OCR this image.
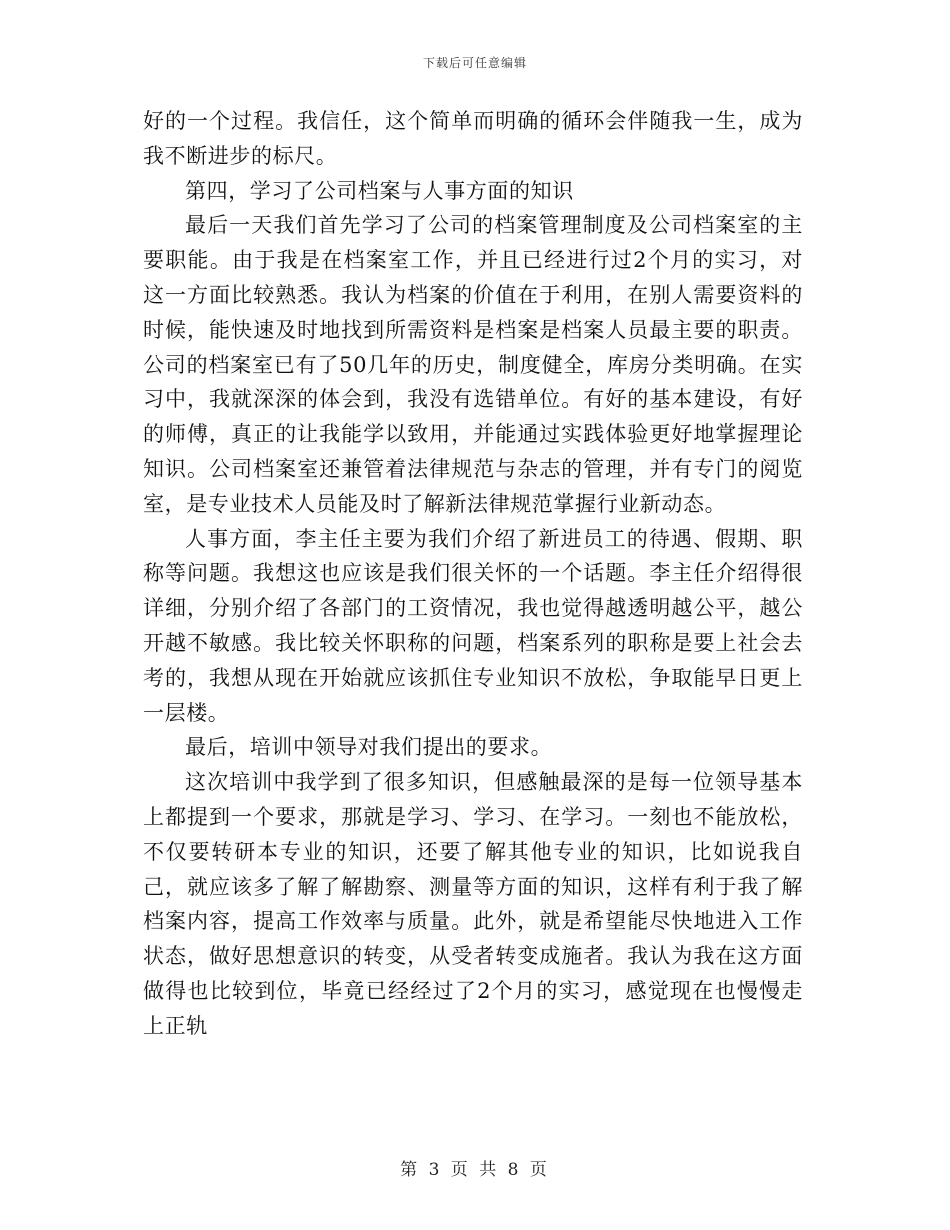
下载后可任意编辑

好的一个过程。我信任，这个简单而明确的循环会伴随我一生，成为我不断进步的标尺。

第四，学习了公司档案与人事方面的知识

最后一天我们首先学习了公司的档案管理制度及公司档案室的主要职能。由于我是在档案室工作，并且已经进行过2个月的实习，对这一方面比较熟悉。我认为档案的价值在于利用，在别人需要资料的时候，能快速及时地找到所需资料是档案是档案人员最主要的职责。公司的档案室已有了50几年的历史，制度健全，库房分类明确。在实习中，我就深深的体会到，我没有选错单位。有好的基本建设，有好的师傅，真正的让我能学以致用，并能通过实践体验更好地掌握理论知识。公司档案室还兼管着法律规范与杂志的管理，并有专门的阅览室，是专业技术人员能及时了解新法律规范掌握行业新动态。

人事方面，李主任主要为我们介绍了新进员工的待遇、假期、职称等问题。我想这也应该是我们很关怀的一个话题。李主任介绍得很详细，分别介绍了各部门的工资情况，我也觉得越透明越公平，越公开越不敏感。我比较关怀职称的问题，档案系列的职称是要上社会去考的，我想从现在开始就应该抓住专业知识不放松，争取能早日更上一层楼。

最后，培训中领导对我们提出的要求。

这次培训中我学到了很多知识，但感触最深的是每一位领导基本上都提到一个要求，那就是学习、学习、在学习。一刻也不能放松，不仅要转研本专业的知识，还要了解其他专业的知识，比如说我自己，就应该多了解了解勘察、测量等方面的知识，这样有利于我了解档案内容，提高工作效率与质量。此外，就是希望能尽快地进入工作状态，做好思想意识的转变，从受者转变成施者。我认为我在这方面做得也比较到位，毕竟已经经过了2个月的实习，感觉现在也慢慢走上正轨

第 3 页 共 8 页
